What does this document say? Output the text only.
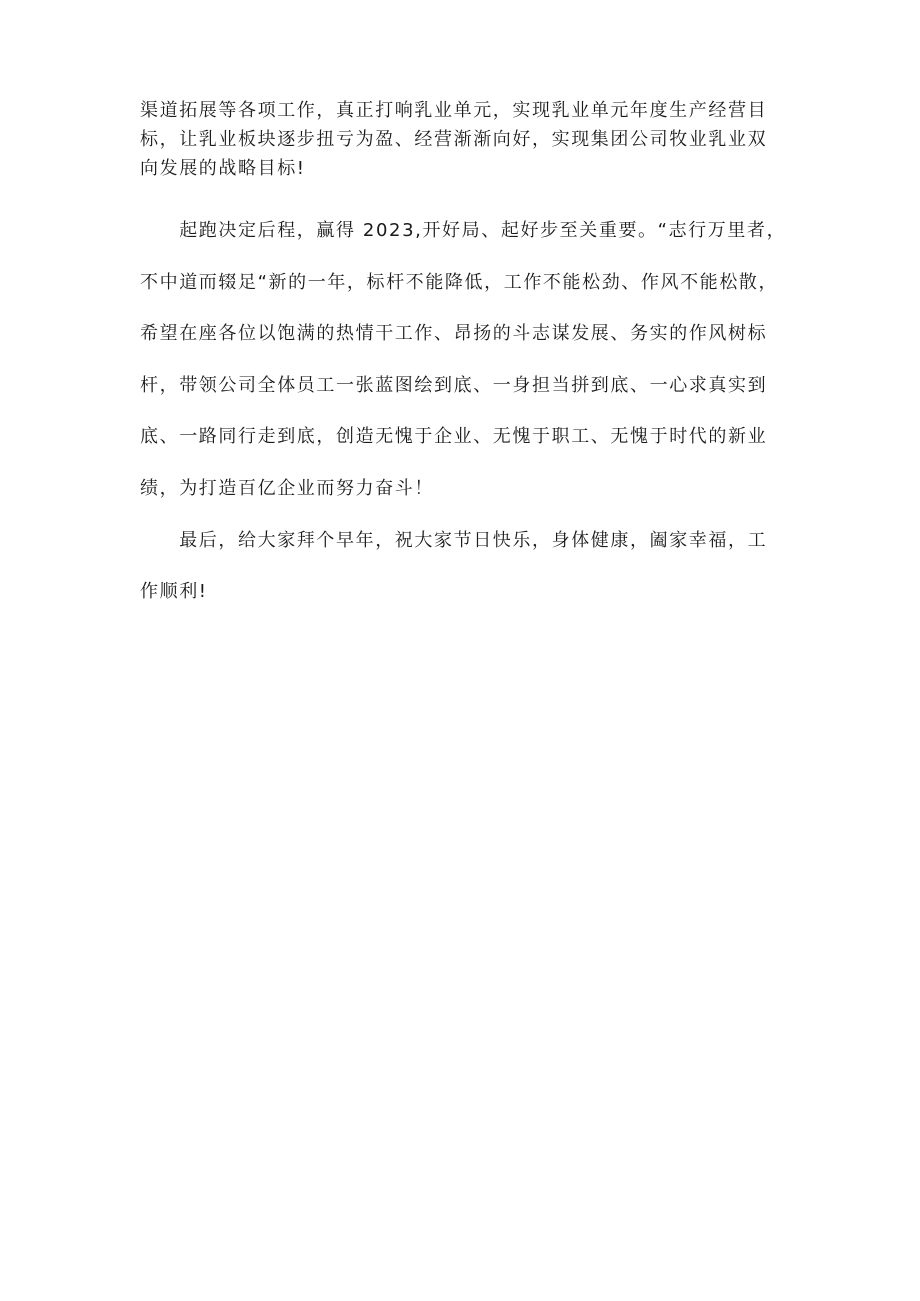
渠道拓展等各项工作，真正打响乳业单元，实现乳业单元年度生产经营目
标，让乳业板块逐步扭亏为盈、经营渐渐向好，实现集团公司牧业乳业双
向发展的战略目标!
　　起跑决定后程，赢得 2023,开好局、起好步至关重要。“志行万里者，
不中道而辍足“新的一年，标杆不能降低，工作不能松劲、作风不能松散，
希望在座各位以饱满的热情干工作、昂扬的斗志谋发展、务实的作风树标
杆，带领公司全体员工一张蓝图绘到底、一身担当拼到底、一心求真实到
底、一路同行走到底，创造无愧于企业、无愧于职工、无愧于时代的新业
绩，为打造百亿企业而努力奋斗！
　　最后，给大家拜个早年，祝大家节日快乐，身体健康，阖家幸福，工
作顺利!
